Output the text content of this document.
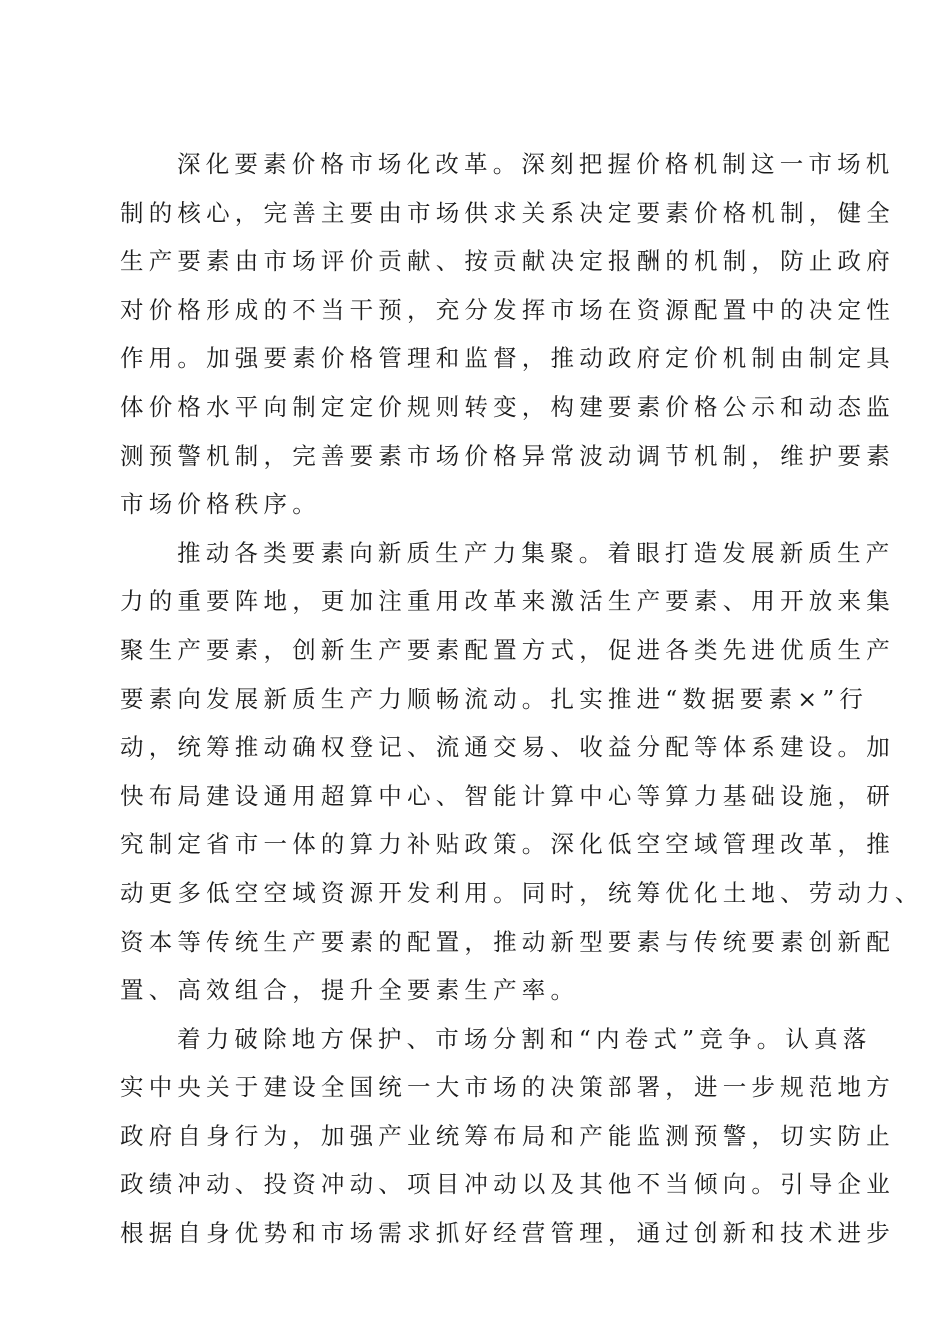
深化要素价格市场化改革。深刻把握价格机制这一市场机
制的核心，完善主要由市场供求关系决定要素价格机制，健全
生产要素由市场评价贡献、按贡献决定报酬的机制，防止政府
对价格形成的不当干预，充分发挥市场在资源配置中的决定性
作用。加强要素价格管理和监督，推动政府定价机制由制定具
体价格水平向制定定价规则转变，构建要素价格公示和动态监
测预警机制，完善要素市场价格异常波动调节机制，维护要素
市场价格秩序。
推动各类要素向新质生产力集聚。着眼打造发展新质生产
力的重要阵地，更加注重用改革来激活生产要素、用开放来集
聚生产要素，创新生产要素配置方式，促进各类先进优质生产
要素向发展新质生产力顺畅流动。扎实推进“数据要素×”行
动，统筹推动确权登记、流通交易、收益分配等体系建设。加
快布局建设通用超算中心、智能计算中心等算力基础设施，研
究制定省市一体的算力补贴政策。深化低空空域管理改革，推
动更多低空空域资源开发利用。同时，统筹优化土地、劳动力、
资本等传统生产要素的配置，推动新型要素与传统要素创新配
置、高效组合，提升全要素生产率。
着力破除地方保护、市场分割和“内卷式”竞争。认真落
实中央关于建设全国统一大市场的决策部署，进一步规范地方
政府自身行为，加强产业统筹布局和产能监测预警，切实防止
政绩冲动、投资冲动、项目冲动以及其他不当倾向。引导企业
根据自身优势和市场需求抓好经营管理，通过创新和技术进步
